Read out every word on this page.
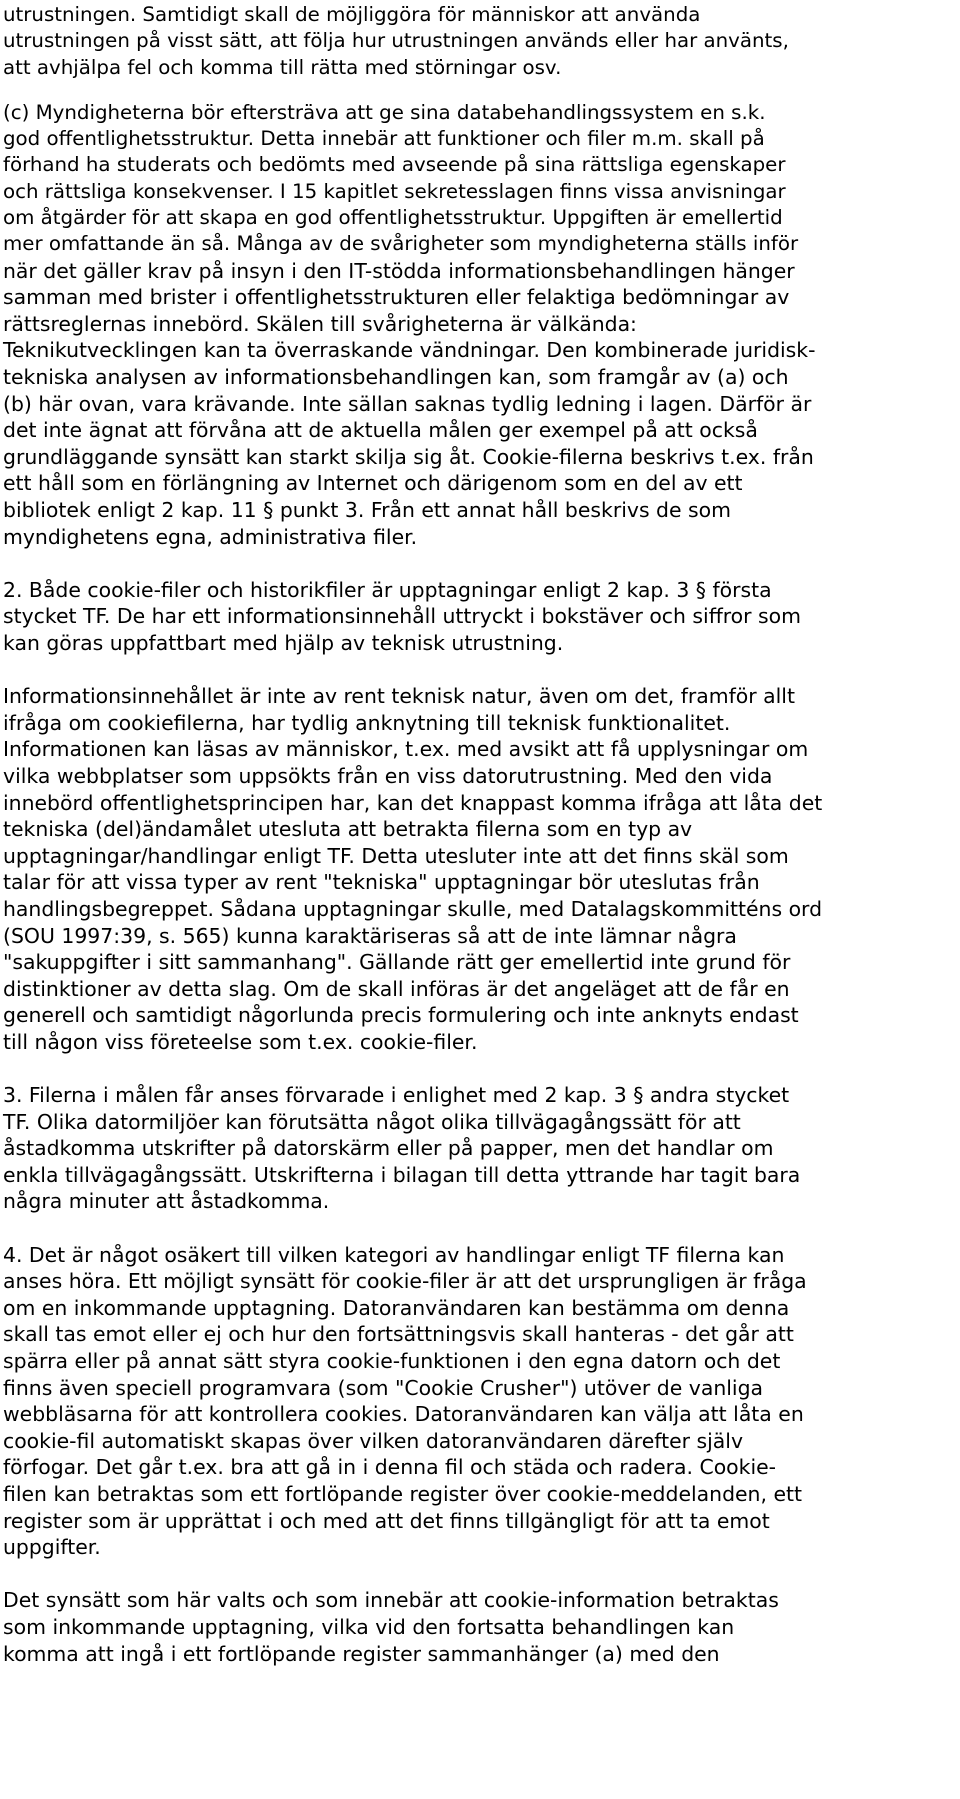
utrustningen. Samtidigt skall de möjliggöra för människor att använda
utrustningen på visst sätt, att följa hur utrustningen används eller har använts,
att avhjälpa fel och komma till rätta med störningar osv.
(c) Myndigheterna bör eftersträva att ge sina databehandlingssystem en s.k.
god offentlighetsstruktur. Detta innebär att funktioner och filer m.m. skall på
förhand ha studerats och bedömts med avseende på sina rättsliga egenskaper
och rättsliga konsekvenser. I 15 kapitlet sekretesslagen finns vissa anvisningar
om åtgärder för att skapa en god offentlighetsstruktur. Uppgiften är emellertid
mer omfattande än så. Många av de svårigheter som myndigheterna ställs inför
när det gäller krav på insyn i den IT-stödda informationsbehandlingen hänger
samman med brister i offentlighetsstrukturen eller felaktiga bedömningar av
rättsreglernas innebörd. Skälen till svårigheterna är välkända:
Teknikutvecklingen kan ta överraskande vändningar. Den kombinerade juridisk-
tekniska analysen av informationsbehandlingen kan, som framgår av (a) och
(b) här ovan, vara krävande. Inte sällan saknas tydlig ledning i lagen. Därför är
det inte ägnat att förvåna att de aktuella målen ger exempel på att också
grundläggande synsätt kan starkt skilja sig åt. Cookie-filerna beskrivs t.ex. från
ett håll som en förlängning av Internet och därigenom som en del av ett
bibliotek enligt 2 kap. 11 § punkt 3. Från ett annat håll beskrivs de som
myndighetens egna, administrativa filer.
2. Både cookie-filer och historikfiler är upptagningar enligt 2 kap. 3 § första
stycket TF. De har ett informationsinnehåll uttryckt i bokstäver och siffror som
kan göras uppfattbart med hjälp av teknisk utrustning.
Informationsinnehållet är inte av rent teknisk natur, även om det, framför allt
ifråga om cookiefilerna, har tydlig anknytning till teknisk funktionalitet.
Informationen kan läsas av människor, t.ex. med avsikt att få upplysningar om
vilka webbplatser som uppsökts från en viss datorutrustning. Med den vida
innebörd offentlighetsprincipen har, kan det knappast komma ifråga att låta det
tekniska (del)ändamålet utesluta att betrakta filerna som en typ av
upptagningar/handlingar enligt TF. Detta utesluter inte att det finns skäl som
talar för att vissa typer av rent "tekniska" upptagningar bör uteslutas från
handlingsbegreppet. Sådana upptagningar skulle, med Datalagskommitténs ord
(SOU 1997:39, s. 565) kunna karaktäriseras så att de inte lämnar några
"sakuppgifter i sitt sammanhang". Gällande rätt ger emellertid inte grund för
distinktioner av detta slag. Om de skall införas är det angeläget att de får en
generell och samtidigt någorlunda precis formulering och inte anknyts endast
till någon viss företeelse som t.ex. cookie-filer.
3. Filerna i målen får anses förvarade i enlighet med 2 kap. 3 § andra stycket
TF. Olika datormiljöer kan förutsätta något olika tillvägagångssätt för att
åstadkomma utskrifter på datorskärm eller på papper, men det handlar om
enkla tillvägagångssätt. Utskrifterna i bilagan till detta yttrande har tagit bara
några minuter att åstadkomma.
4. Det är något osäkert till vilken kategori av handlingar enligt TF filerna kan
anses höra. Ett möjligt synsätt för cookie-filer är att det ursprungligen är fråga
om en inkommande upptagning. Datoranvändaren kan bestämma om denna
skall tas emot eller ej och hur den fortsättningsvis skall hanteras - det går att
spärra eller på annat sätt styra cookie-funktionen i den egna datorn och det
finns även speciell programvara (som "Cookie Crusher") utöver de vanliga
webbläsarna för att kontrollera cookies. Datoranvändaren kan välja att låta en
cookie-fil automatiskt skapas över vilken datoranvändaren därefter själv
förfogar. Det går t.ex. bra att gå in i denna fil och städa och radera. Cookie-
filen kan betraktas som ett fortlöpande register över cookie-meddelanden, ett
register som är upprättat i och med att det finns tillgängligt för att ta emot
uppgifter.
Det synsätt som här valts och som innebär att cookie-information betraktas
som inkommande upptagning, vilka vid den fortsatta behandlingen kan
komma att ingå i ett fortlöpande register sammanhänger (a) med den
